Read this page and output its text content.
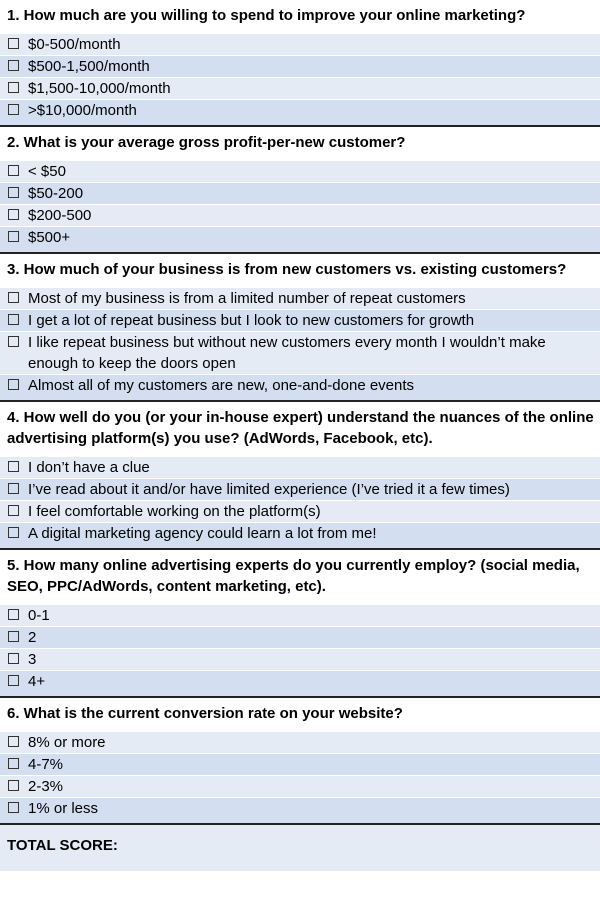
1. How much are you willing to spend to improve your online marketing?
$0-500/month
$500-1,500/month
$1,500-10,000/month
>$10,000/month
2. What is your average gross profit-per-new customer?
< $50
$50-200
$200-500
$500+
3. How much of your business is from new customers vs. existing customers?
Most of my business is from a limited number of repeat customers
I get a lot of repeat business but I look to new customers for growth
I like repeat business but without new customers every month I wouldn’t make enough to keep the doors open
Almost all of my customers are new, one-and-done events
4. How well do you (or your in-house expert) understand the nuances of the online advertising platform(s) you use? (AdWords, Facebook, etc).
I don’t have a clue
I’ve read about it and/or have limited experience (I’ve tried it a few times)
I feel comfortable working on the platform(s)
A digital marketing agency could learn a lot from me!
5. How many online advertising experts do you currently employ? (social media, SEO, PPC/AdWords, content marketing, etc).
0-1
2
3
4+
6. What is the current conversion rate on your website?
8% or more
4-7%
2-3%
1% or less
TOTAL SCORE:
